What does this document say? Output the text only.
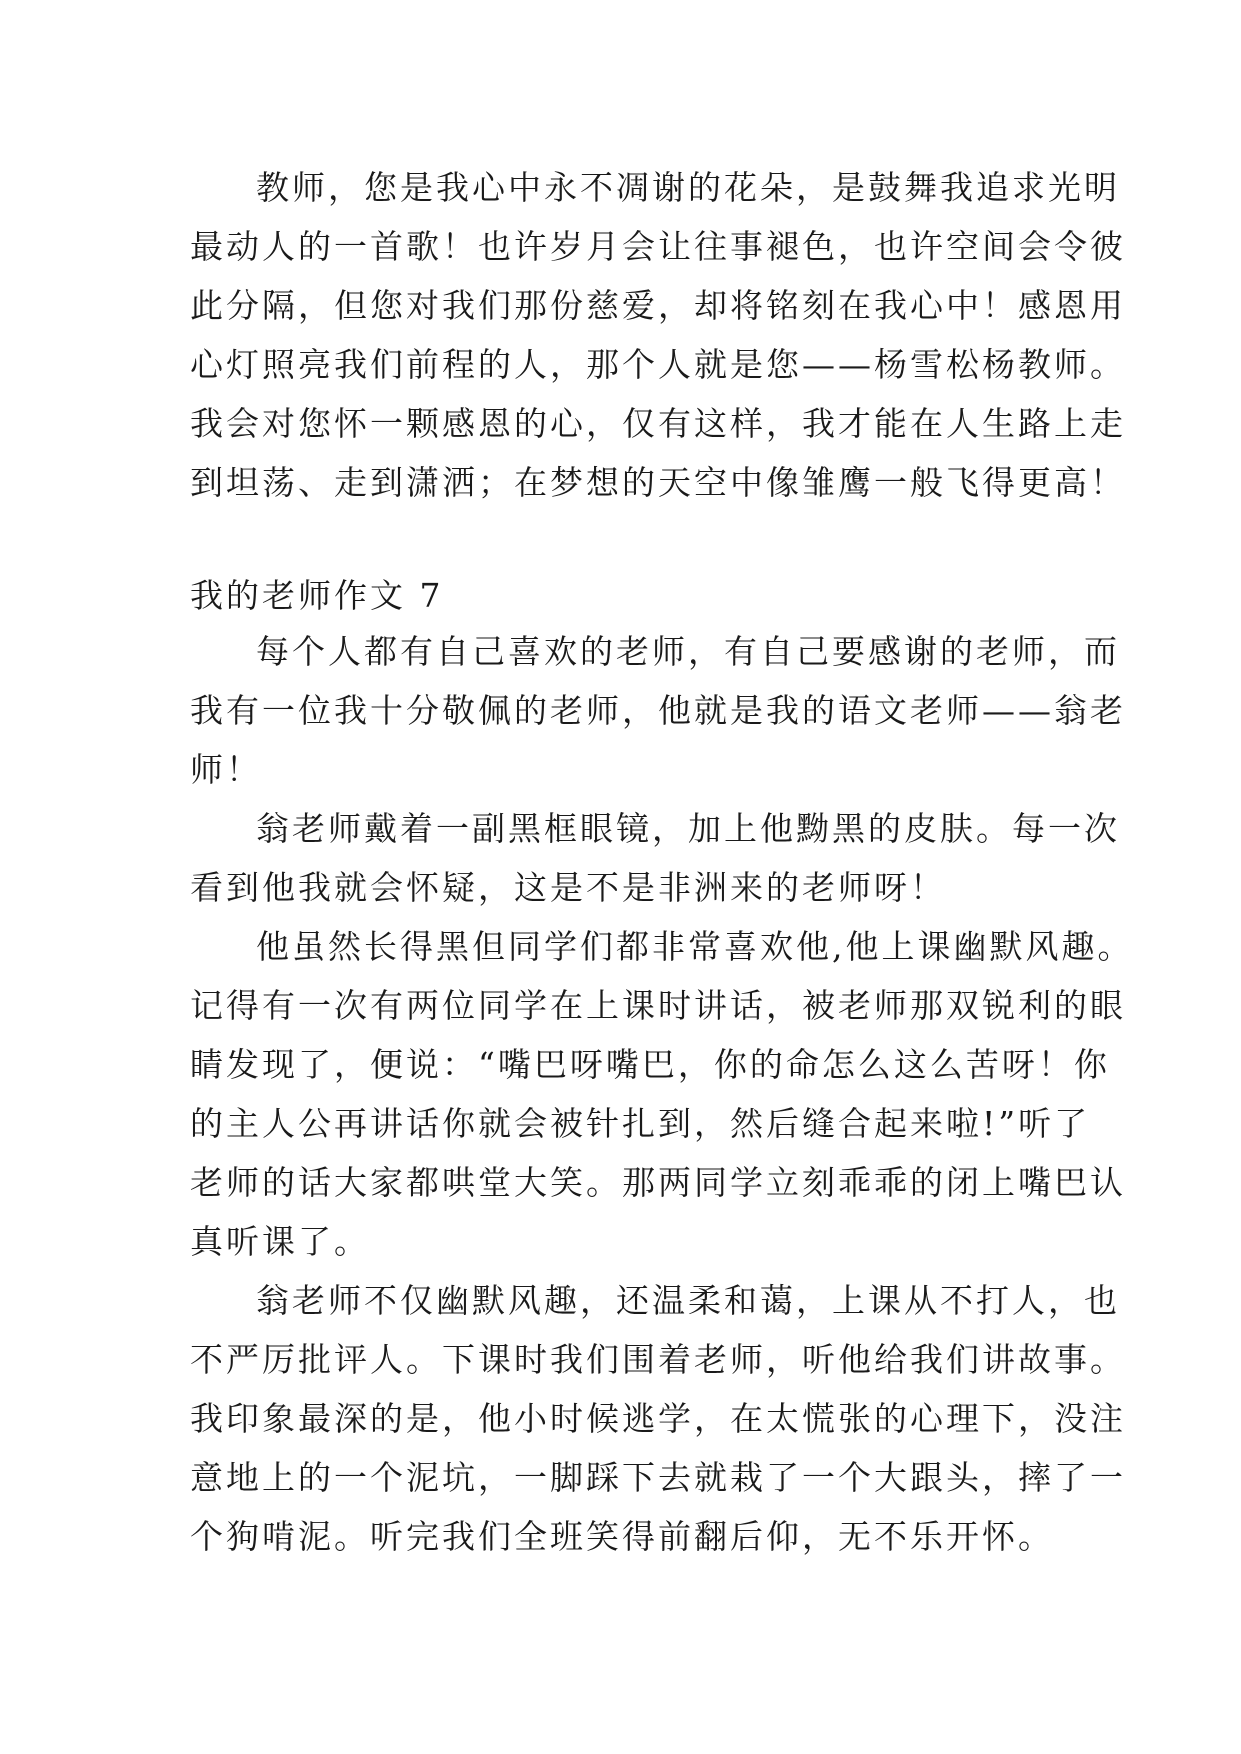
教师，您是我心中永不凋谢的花朵，是鼓舞我追求光明
最动人的一首歌！也许岁月会让往事褪色，也许空间会令彼
此分隔，但您对我们那份慈爱，却将铭刻在我心中！感恩用
心灯照亮我们前程的人，那个人就是您——杨雪松杨教师。
我会对您怀一颗感恩的心，仅有这样，我才能在人生路上走
到坦荡、走到潇洒；在梦想的天空中像雏鹰一般飞得更高！
我的老师作文 7
每个人都有自己喜欢的老师，有自己要感谢的老师，而
我有一位我十分敬佩的老师，他就是我的语文老师——翁老
师！
翁老师戴着一副黑框眼镜，加上他黝黑的皮肤。每一次
看到他我就会怀疑，这是不是非洲来的老师呀！
他虽然长得黑但同学们都非常喜欢他,他上课幽默风趣。
记得有一次有两位同学在上课时讲话，被老师那双锐利的眼
睛发现了，便说：“嘴巴呀嘴巴，你的命怎么这么苦呀！你
的主人公再讲话你就会被针扎到，然后缝合起来啦!”听了
老师的话大家都哄堂大笑。那两同学立刻乖乖的闭上嘴巴认
真听课了。
翁老师不仅幽默风趣，还温柔和蔼，上课从不打人，也
不严厉批评人。下课时我们围着老师，听他给我们讲故事。
我印象最深的是，他小时候逃学，在太慌张的心理下，没注
意地上的一个泥坑，一脚踩下去就栽了一个大跟头，摔了一
个狗啃泥。听完我们全班笑得前翻后仰，无不乐开怀。
